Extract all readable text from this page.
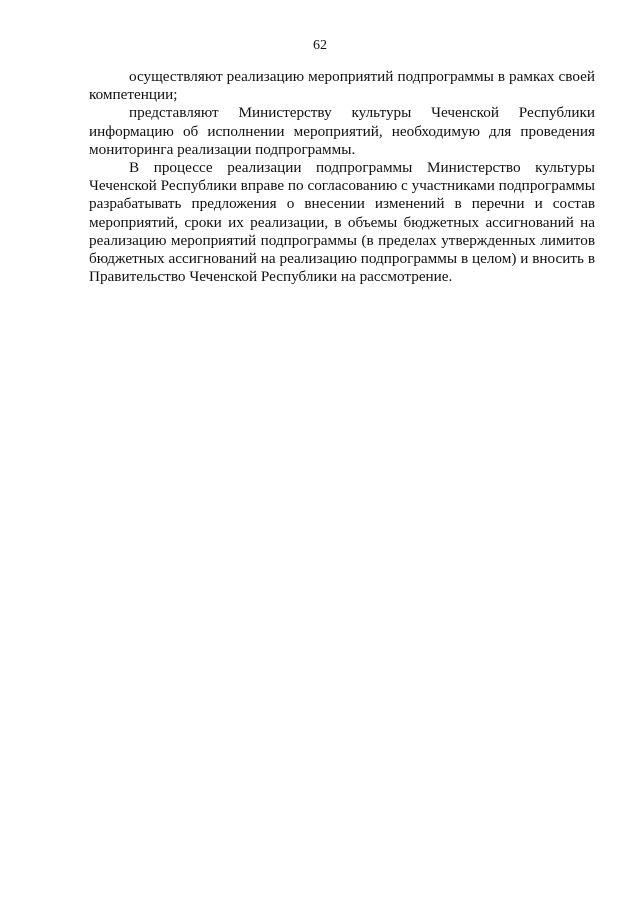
62

осуществляют реализацию мероприятий подпрограммы в рамках своей компетенции;

представляют Министерству культуры Чеченской Республики информацию об исполнении мероприятий, необходимую для проведения мониторинга реализации подпрограммы.

В процессе реализации подпрограммы Министерство культуры Чеченской Республики вправе по согласованию с участниками подпрограммы разрабатывать предложения о внесении изменений в перечни и состав мероприятий, сроки их реализации, в объемы бюджетных ассигнований на реализацию мероприятий подпрограммы (в пределах утвержденных лимитов бюджетных ассигнований на реализацию подпрограммы в целом) и вносить в Правительство Чеченской Республики на рассмотрение.
